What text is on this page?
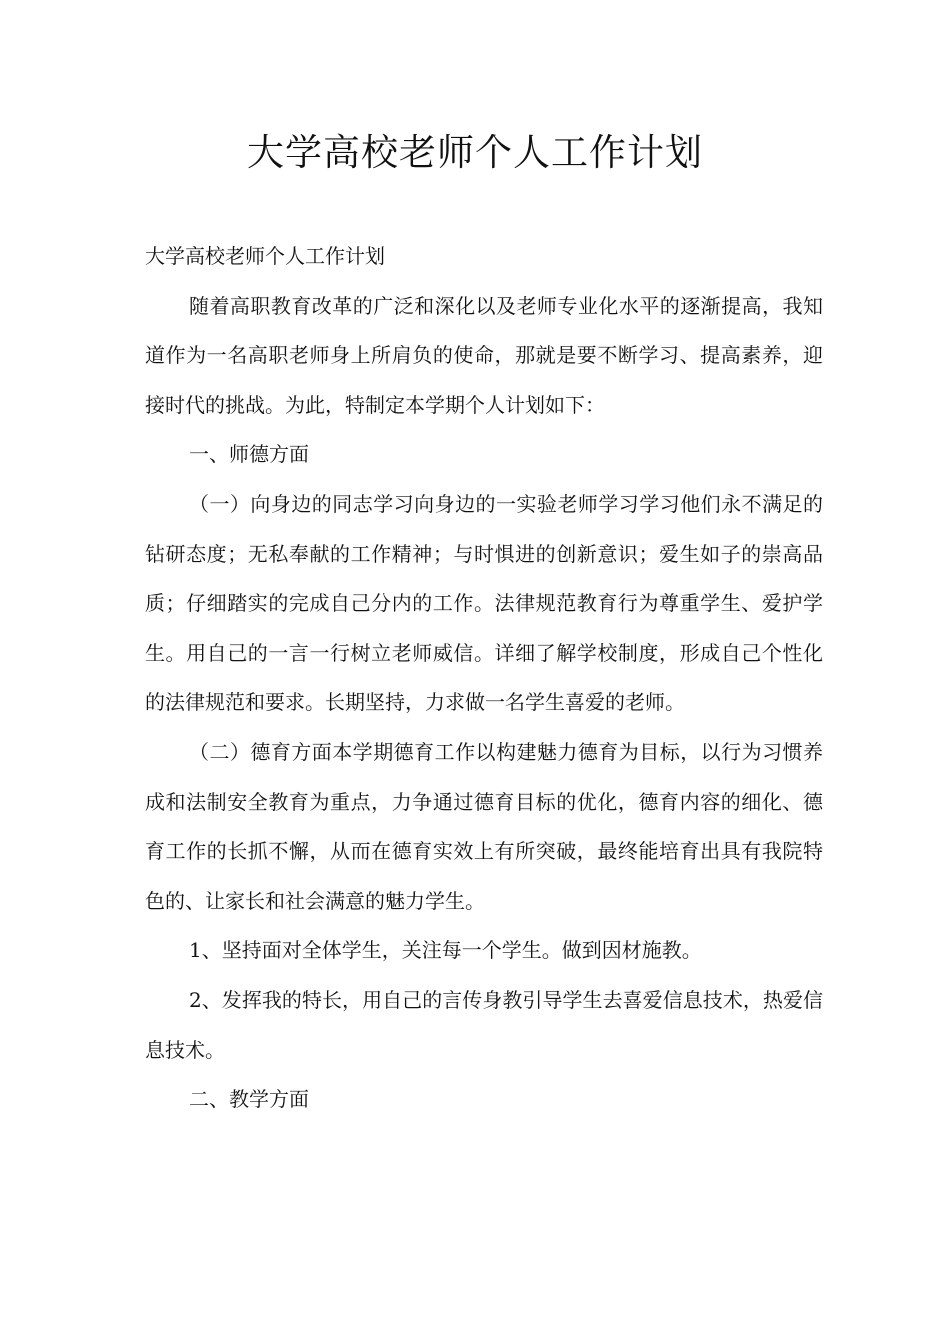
大学高校老师个人工作计划

大学高校老师个人工作计划

随着高职教育改革的广泛和深化以及老师专业化水平的逐渐提高，我知道作为一名高职老师身上所肩负的使命，那就是要不断学习、提高素养，迎接时代的挑战。为此，特制定本学期个人计划如下：

一、师德方面

（一）向身边的同志学习向身边的一实验老师学习学习他们永不满足的钻研态度；无私奉献的工作精神；与时惧进的创新意识；爱生如子的崇高品质；仔细踏实的完成自己分内的工作。法律规范教育行为尊重学生、爱护学生。用自己的一言一行树立老师威信。详细了解学校制度，形成自己个性化的法律规范和要求。长期坚持，力求做一名学生喜爱的老师。

（二）德育方面本学期德育工作以构建魅力德育为目标，以行为习惯养成和法制安全教育为重点，力争通过德育目标的优化，德育内容的细化、德育工作的长抓不懈，从而在德育实效上有所突破，最终能培育出具有我院特色的、让家长和社会满意的魅力学生。

1、坚持面对全体学生，关注每一个学生。做到因材施教。

2、发挥我的特长，用自己的言传身教引导学生去喜爱信息技术，热爱信息技术。

二、教学方面
